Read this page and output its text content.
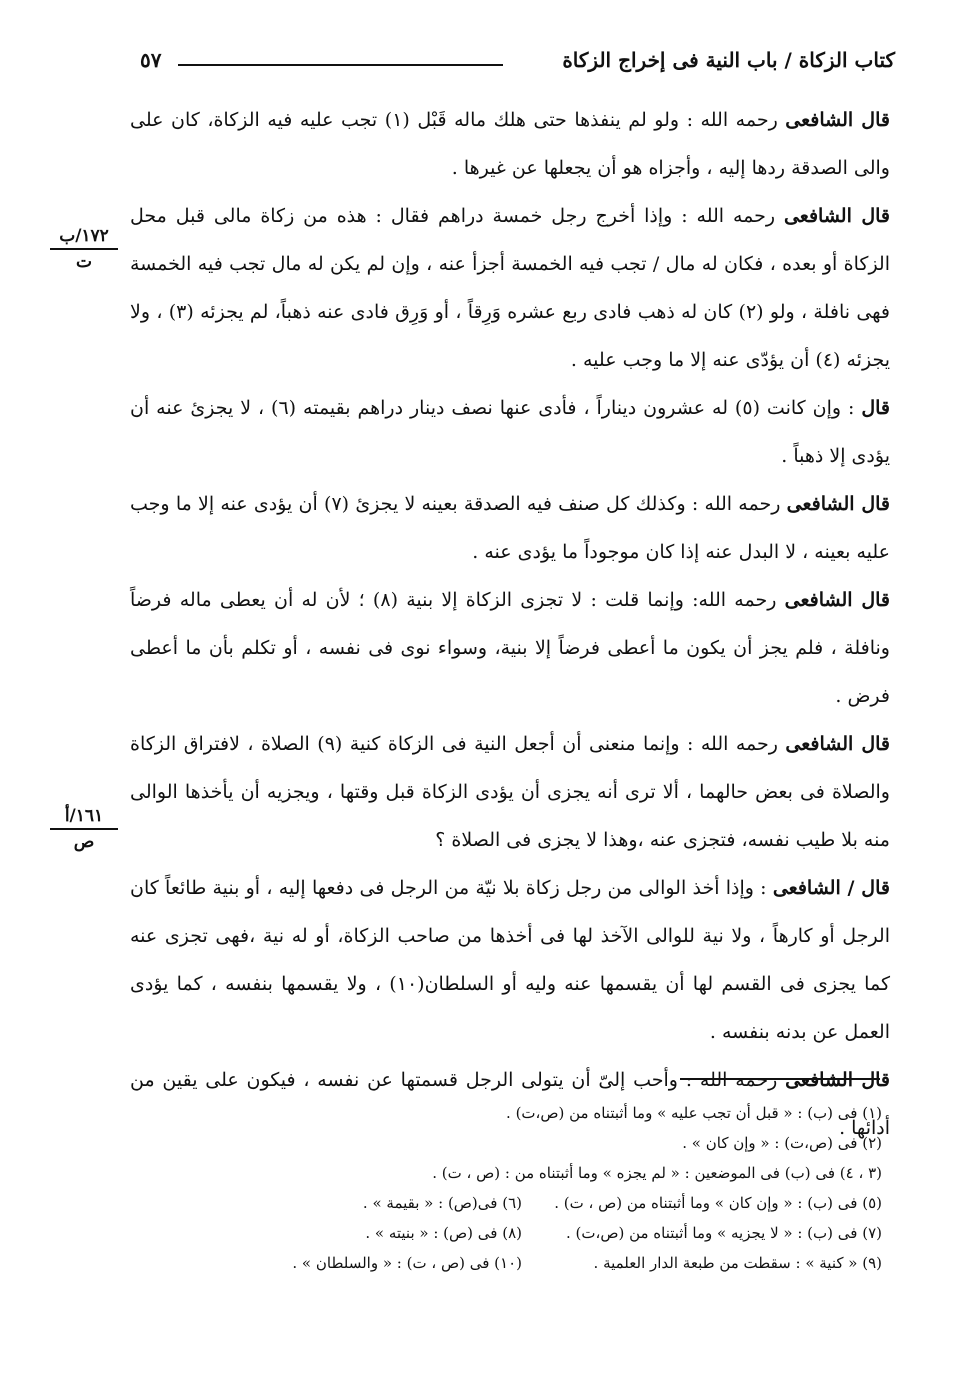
كتاب الزكاة / باب النية فى إخراج الزكاة
٥٧
١٧٢/ب
ت
١٦١/أ
ص

قال الشافعى رحمه الله : ولو لم ينفذها حتى هلك ماله قَبْل (١) تجب عليه فيه الزكاة، كان على والى الصدقة ردها إليه ، وأجزاه هو أن يجعلها عن غيرها .

قال الشافعى رحمه الله : وإذا أخرج رجل خمسة دراهم فقال : هذه من زكاة مالى قبل محل الزكاة أو بعده ، فكان له مال / تجب فيه الخمسة أجزأ عنه ، وإن لم يكن له مال تجب فيه الخمسة فهى نافلة ، ولو (٢) كان له ذهب فادى ربع عشره وَرِقاً ، أو وَرِق فادى عنه ذهباً، لم يجزئه (٣) ، ولا يجزئه (٤) أن يؤدّى عنه إلا ما وجب عليه .

قال : وإن كانت (٥) له عشرون ديناراً ، فأدى عنها نصف دينار دراهم بقيمته (٦) ، لا يجزئ عنه أن يؤدى إلا ذهباً .

قال الشافعى رحمه الله : وكذلك كل صنف فيه الصدقة بعينه لا يجزئ (٧) أن يؤدى عنه إلا ما وجب عليه بعينه ، لا البدل عنه إذا كان موجوداً ما يؤدى عنه .

قال الشافعى رحمه الله: وإنما قلت : لا تجزى الزكاة إلا بنية (٨) ؛ لأن له أن يعطى ماله فرضاً ونافلة ، فلم يجز أن يكون ما أعطى فرضاً إلا بنية، وسواء نوى فى نفسه ، أو تكلم بأن ما أعطى فرض .

قال الشافعى رحمه الله : وإنما منعنى أن أجعل النية فى الزكاة كنية (٩) الصلاة ، لافتراق الزكاة والصلاة فى بعض حالهما ، ألا ترى أنه يجزى أن يؤدى الزكاة قبل وقتها ، ويجزيه أن يأخذها الوالى منه بلا طيب نفسه، فتجزى عنه ،وهذا لا يجزى فى الصلاة ؟

قال / الشافعى : وإذا أخذ الوالى من رجل زكاة بلا نيّة من الرجل فى دفعها إليه ، أو بنية طائعاً كان الرجل أو كارهاً ، ولا نية للوالى الآخذ لها فى أخذها من صاحب الزكاة، أو له نية ،فهى تجزى عنه كما يجزى فى القسم لها أن يقسمها عنه وليه أو السلطان(١٠) ، ولا يقسمها بنفسه ، كما يؤدى العمل عن بدنه بنفسه .

قال الشافعى رحمه الله : وأحب إلىّ أن يتولى الرجل قسمتها عن نفسه ، فيكون على يقين من أدائها .

(١) فى (ب) : « قبل أن تجب عليه » وما أثبتناه من (ص،ت) .
(٢) فى (ص،ت) : « وإن كان » .
(٣ ، ٤) فى (ب) فى الموضعين : « لم يجزه » وما أثبتناه من : (ص ، ت) .
(٥) فى (ب) : « وإن كان » وما أثبتناه من (ص ، ت) .
(٦) فى(ص) : « بقيمة » .
(٧) فى (ب) : « لا يجزيه » وما أثبتناه من (ص،ت) .
(٨) فى (ص) : « بنيته » .
(٩) « كنية » : سقطت من طبعة الدار العلمية .
(١٠) فى (ص ، ت) : « والسلطان » .
